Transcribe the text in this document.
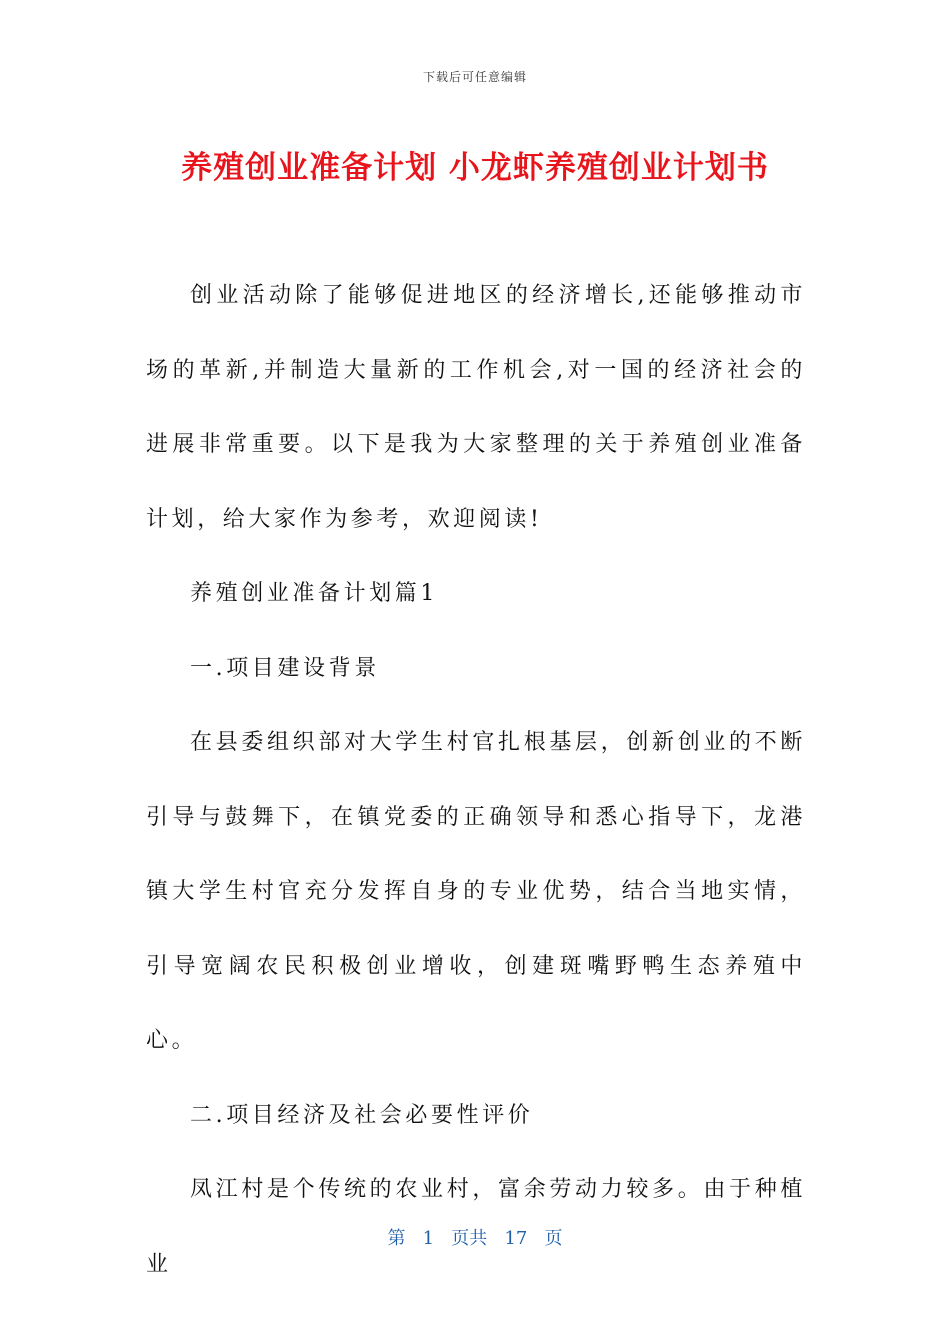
下载后可任意编辑
养殖创业准备计划 小龙虾养殖创业计划书

创业活动除了能够促进地区的经济增长,还能够推动市场的革新,并制造大量新的工作机会,对一国的经济社会的进展非常重要。以下是我为大家整理的关于养殖创业准备计划，给大家作为参考，欢迎阅读!

养殖创业准备计划篇1

一.项目建设背景

在县委组织部对大学生村官扎根基层，创新创业的不断引导与鼓舞下，在镇党委的正确领导和悉心指导下，龙港镇大学生村官充分发挥自身的专业优势，结合当地实情，引导宽阔农民积极创业增收，创建斑嘴野鸭生态养殖中心。

二.项目经济及社会必要性评价

凤江村是个传统的农业村，富余劳动力较多。由于种植业

第 1 页共 17 页
